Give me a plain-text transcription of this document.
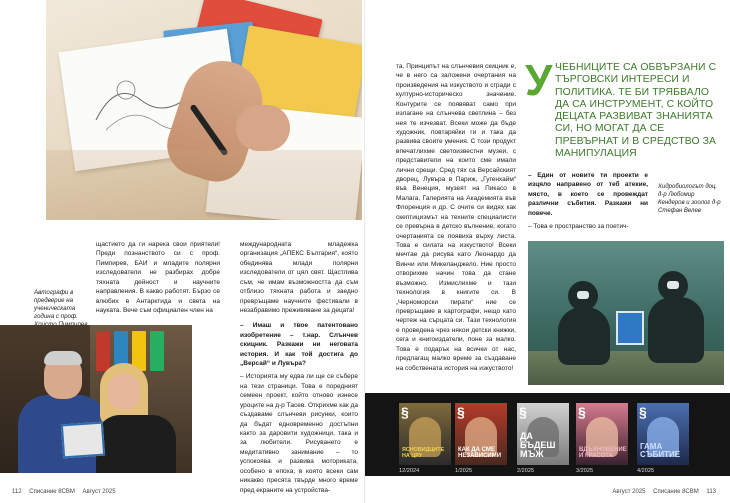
Автографи в предверие на ученическата година с проф.

щастието да ги нарека свои приятели! Преди познанството си с проф. Пимпирев, БАИ и младите полярни изследователи не разбирах добре тяхната дейност и научните направления. В какво работят. Бързо се влюбих в Антарктида и света на науката. Вече съм официален член на

международната младежка организация „АПЕКС България“, която обединява млади полярни изследователи от цял свят. Щастлива съм, че имам възможността да съм отблизо тяхната работа и заедно превръщаме научните фестивали в незабравимо преживяване за децата!

– Имаш и твое патентовано изобретение – т.нар. Слънчев скицник. Разкажи ни неговата история. И как той достига до „Версай“ и Лувъра?

– Историята му едва ли ще се събере на тези страници. Това е поредният семеен проект, който отново изнесе уроците на д-р Тасев. Открихме как да създаваме слънчеви рисунки, които да бъдат едновременно достъпни както за даровити художници, така и за любители. Рисуването е медитативно занимание – то успокоява и развива моториката, особено в епоха, в която всеки сам никакво пресята твърде много време пред екраните на устройства-

112 Списание 8СВМ Август 2025

та. Принципът на слънчевия скицник е, че в него са заложени очертания на произведения на изкуството и сгради с културно-историческо значение. Контурите се появяват само при излагане на слънчева светлина – без нея те изчезват. Всеки може да бъде художник, повтаряйки ги и така да развива своите умения. С този продукт впечатлихме светоизвестни музеи, с представители на които сме имали лични срещи. Сред тях са Версайският дворец, Лувъра в Париж, „Гугенхайм“ във Венеция, музеят на Пикасо в Малага, Галерията на Академията във Флоренция и др. С очите си видях как скептицизмът на техните специалисти се превърна в детско вълнение, когато очертанията се появиха върху листа. Това е силата на изкуството! Всеки мечтае да рисува като Леонардо да Винчи или Микеланджело. Ние просто отворихме начин това да стане възможно. Измислихме и тази технология в книгите си. В „Черноморски пирати“ ние се превръщаме в картографи, нещо като чертеж на сърцата си. Тази технология е проведена чрез някои детски книжки, сега и книгоиздатели, поне за малко. Това е подарък на всички от нас, предлагащ малко време за създаване на собствената история на изкуството!

У ЧЕБНИЦИТЕ СА ОБВЪРЗАНИ С ТЪРГОВСКИ ИНТЕРЕСИ И ПОЛИТИКА. ТЕ БИ ТРЯБВАЛО ДА СА ИНСТРУМЕНТ, С КОЙТО ДЕЦАТА РАЗВИВАТ ЗНАНИЯТА СИ, НО МОГАТ ДА СЕ ПРЕВЪРНАТ И В СРЕДСТВО ЗА МАНИПУЛАЦИЯ

– Един от новите ти проекти е изцяло направено от теб атекие, място, в което се провеждат различни събития. Разкажи ни повече.

– Това е пространство за поетич-

Хидробиологът доц. д-р Любомир Кендеров и зоолог д-р Стефан Велев
§
ЯСНОВИДЦИТЕ НА ЦРУ
12/2024
§
КАК ДА СМЕ НЕЗАВИСИМИ
1/2025
§
ДА БЪДЕШ МЪЖ
2/2025
§
ВДЪХНОВЕНИЕ И КРАСОТА
3/2025
§
ГАМА СЪБИТИЕ
4/2025
Август 2025 Списание 8СВМ 113
